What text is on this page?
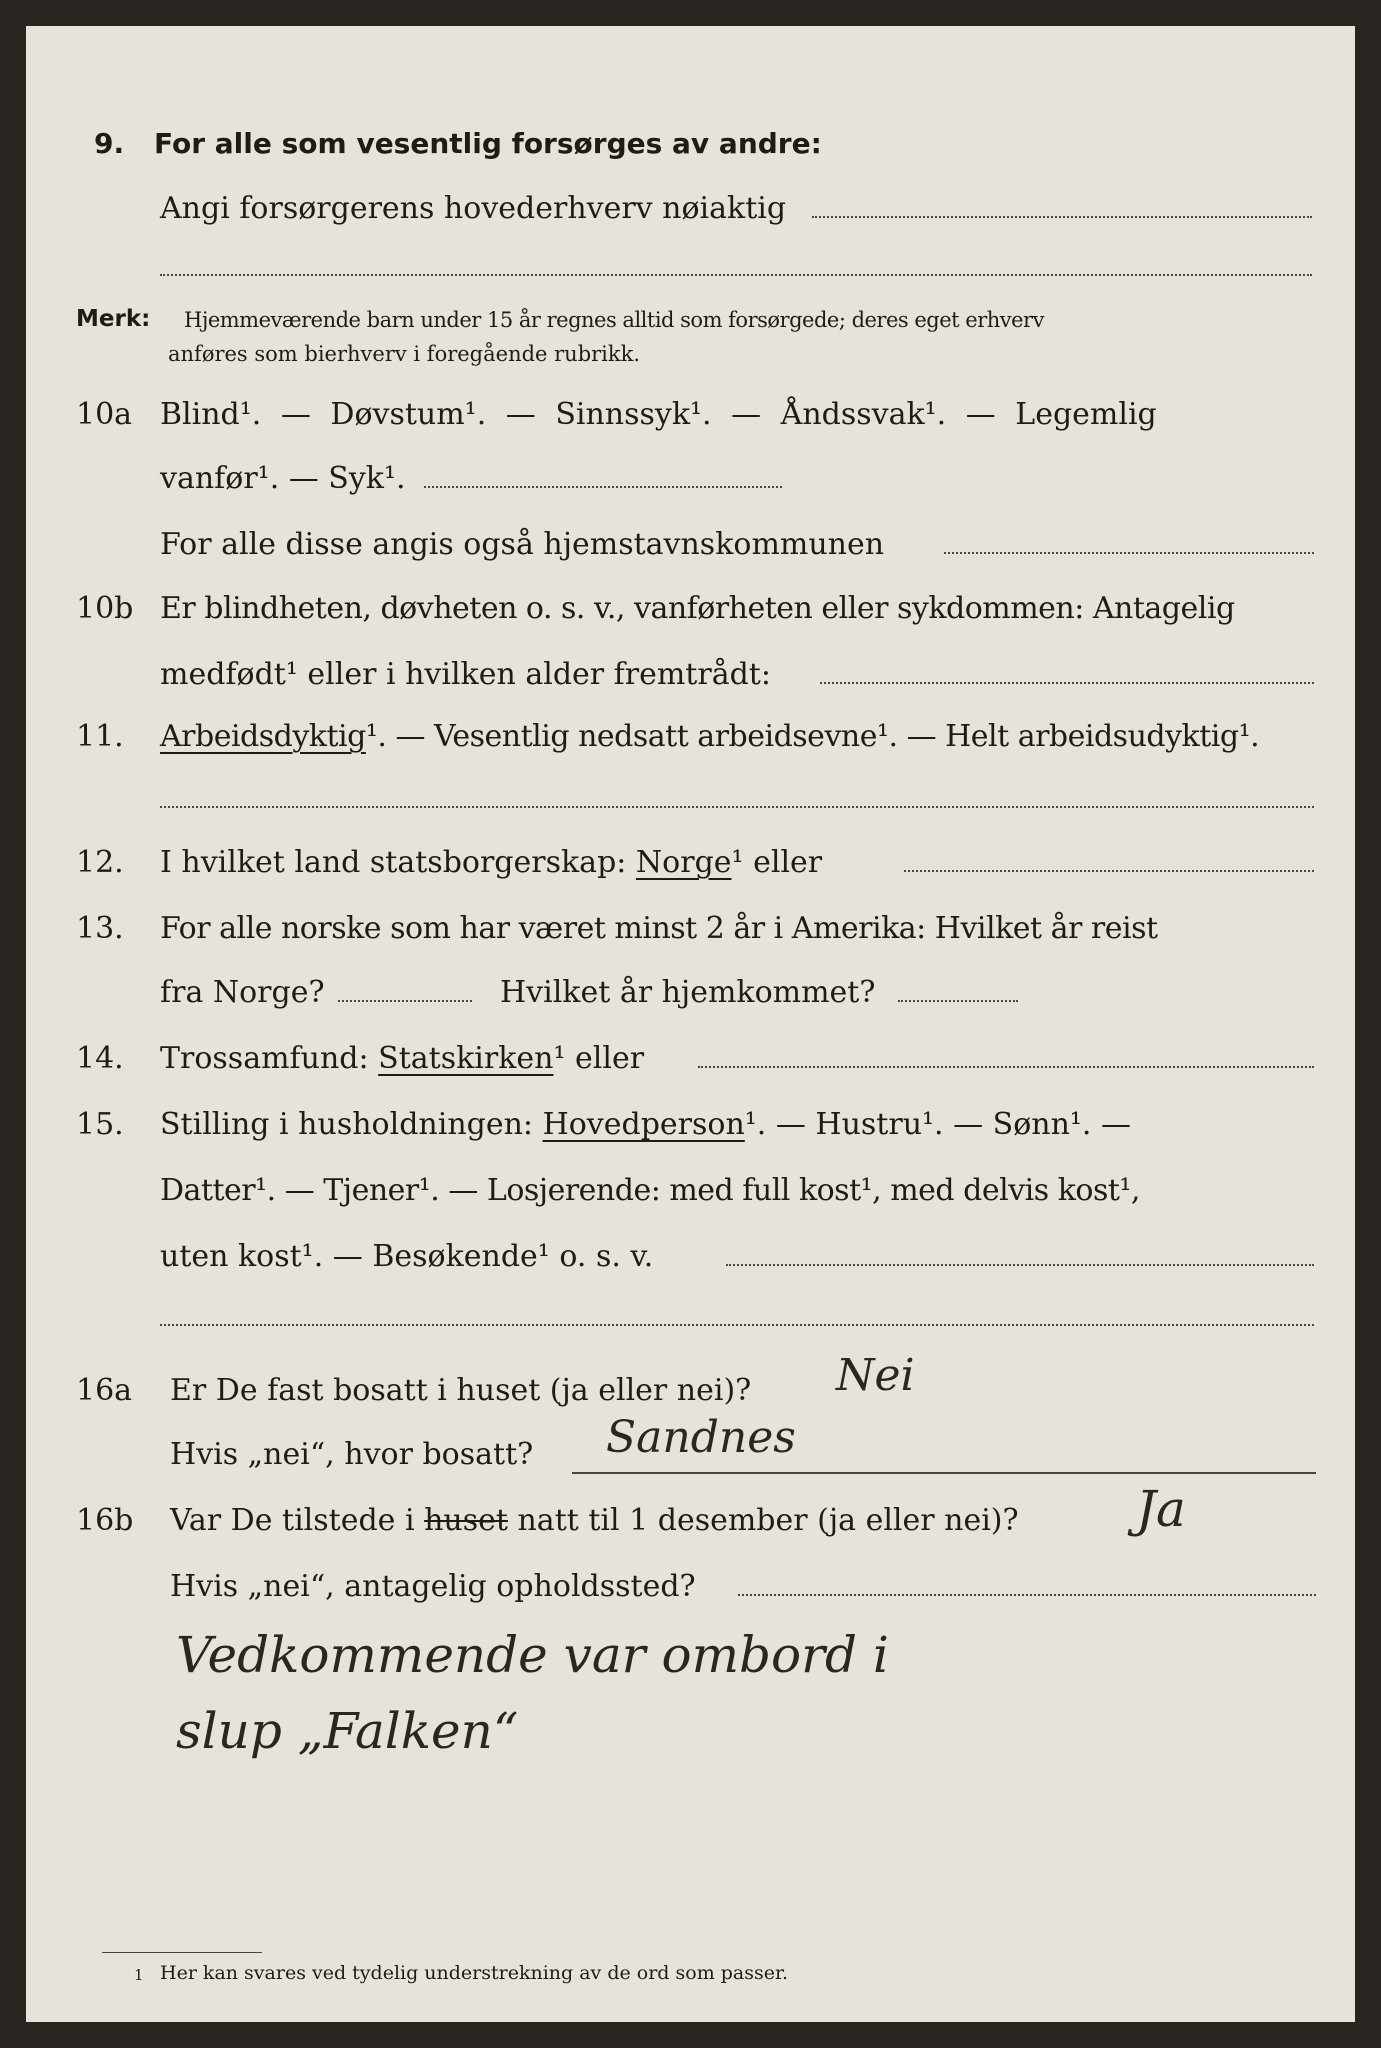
9. For alle som vesentlig forsørges av andre:
Angi forsørgerens hovederhverv nøiaktig
Merk: Hjemmeværende barn under 15 år regnes alltid som forsørgede; deres eget erhverv
anføres som bierhverv i foregående rubrikk.
10a Blind¹. — Døvstum¹. — Sinnssyk¹. — Åndssvak¹. — Legemlig
vanfør¹. — Syk¹.
For alle disse angis også hjemstavnskommunen
10b Er blindheten, døvheten o. s. v., vanførheten eller sykdommen: Antagelig
medfødt¹ eller i hvilken alder fremtrådt:
11. Arbeidsdyktig¹. — Vesentlig nedsatt arbeidsevne¹. — Helt arbeidsudyktig¹.
12. I hvilket land statsborgerskap: Norge¹ eller
13. For alle norske som har været minst 2 år i Amerika: Hvilket år reist
fra Norge?	Hvilket år hjemkommet?
14. Trossamfund: Statskirken¹ eller
15. Stilling i husholdningen: Hovedperson¹. — Hustru¹. — Sønn¹. —
Datter¹. — Tjener¹. — Losjerende: med full kost¹, med delvis kost¹,
uten kost¹. — Besøkende¹ o. s. v.
16a Er De fast bosatt i huset (ja eller nei)? Nei
Hvis „nei“, hvor bosatt? Sandnes
16b Var De tilstede i huset natt til 1 desember (ja eller nei)? Ja
Hvis „nei“, antagelig opholdssted?
Vedkommende var ombord i
slup „Falken“
1 Her kan svares ved tydelig understrekning av de ord som passer.
